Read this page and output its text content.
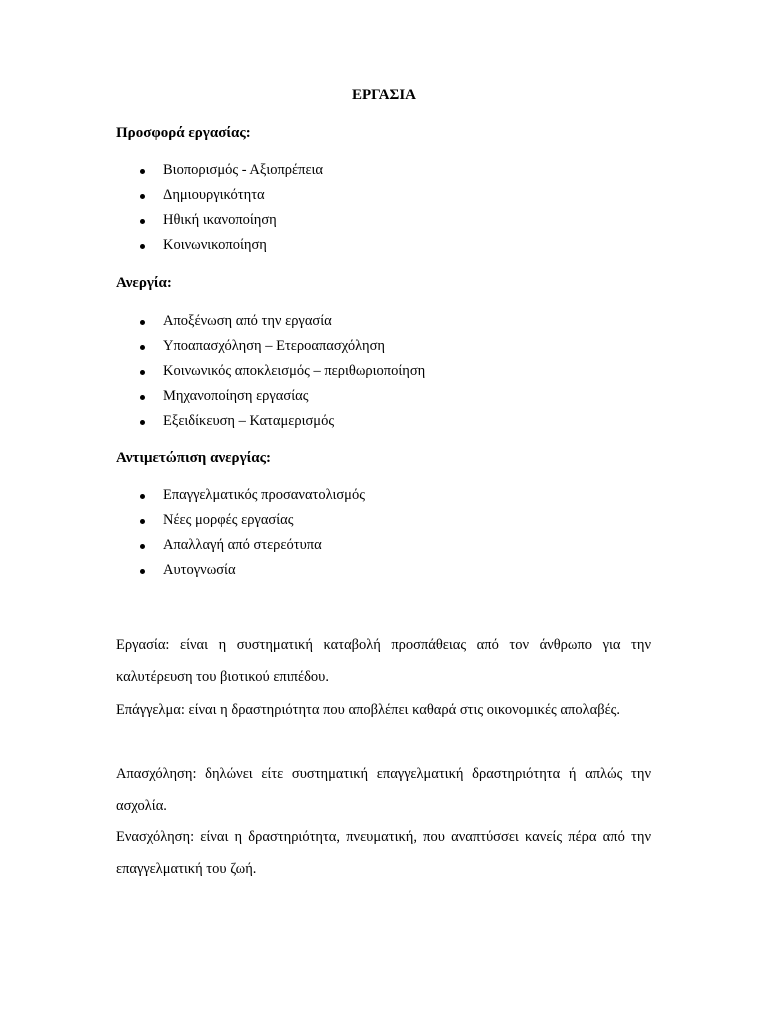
ΕΡΓΑΣΙΑ
Προσφορά εργασίας:
Βιοπορισμός - Αξιοπρέπεια
Δημιουργικότητα
Ηθική ικανοποίηση
Κοινωνικοποίηση
Ανεργία:
Αποξένωση από την εργασία
Υποαπασχόληση – Ετεροαπασχόληση
Κοινωνικός αποκλεισμός – περιθωριοποίηση
Μηχανοποίηση εργασίας
Εξειδίκευση – Καταμερισμός
Αντιμετώπιση ανεργίας:
Επαγγελματικός προσανατολισμός
Νέες μορφές εργασίας
Απαλλαγή από στερεότυπα
Αυτογνωσία

Εργασία: είναι η συστηματική καταβολή προσπάθειας από τον άνθρωπο για την καλυτέρευση του βιοτικού επιπέδου.

Επάγγελμα: είναι η δραστηριότητα που αποβλέπει καθαρά στις οικονομικές απολαβές.

Απασχόληση: δηλώνει είτε συστηματική επαγγελματική δραστηριότητα ή απλώς την ασχολία.

Ενασχόληση: είναι η δραστηριότητα, πνευματική, που αναπτύσσει κανείς πέρα από την επαγγελματική του ζωή.
